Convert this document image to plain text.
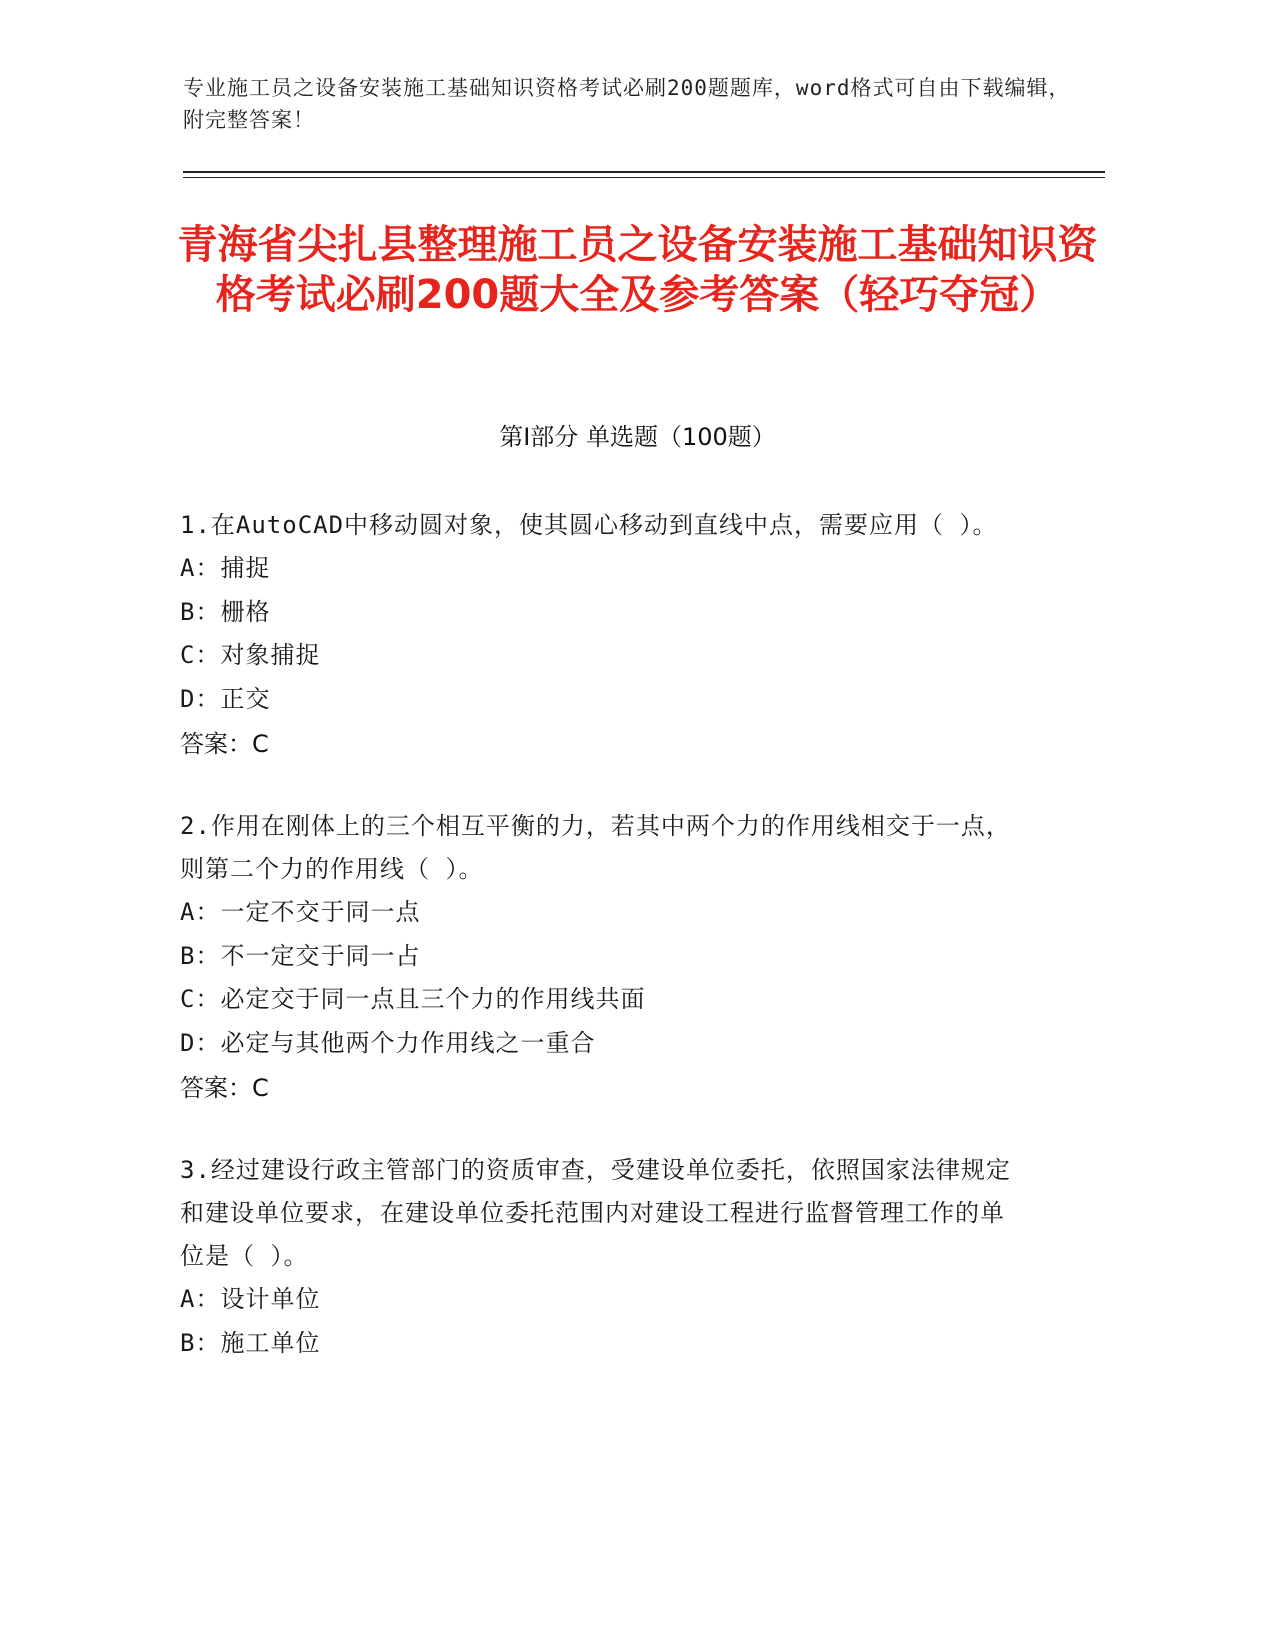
专业施工员之设备安装施工基础知识资格考试必刷200题题库，word格式可自由下载编辑，附完整答案！
青海省尖扎县整理施工员之设备安装施工基础知识资格考试必刷200题大全及参考答案（轻巧夺冠）
第Ⅰ部分 单选题（100题）

1.在AutoCAD中移动圆对象，使其圆心移动到直线中点，需要应用（ ）。

A：捕捉

B：栅格

C：对象捕捉

D：正交

答案：C

2.作用在刚体上的三个相互平衡的力，若其中两个力的作用线相交于一点，则第二个力的作用线（ ）。

A：一定不交于同一点

B：不一定交于同一占

C：必定交于同一点且三个力的作用线共面

D：必定与其他两个力作用线之一重合

答案：C

3.经过建设行政主管部门的资质审查，受建设单位委托，依照国家法律规定和建设单位要求，在建设单位委托范围内对建设工程进行监督管理工作的单位是（ ）。

A：设计单位

B：施工单位
